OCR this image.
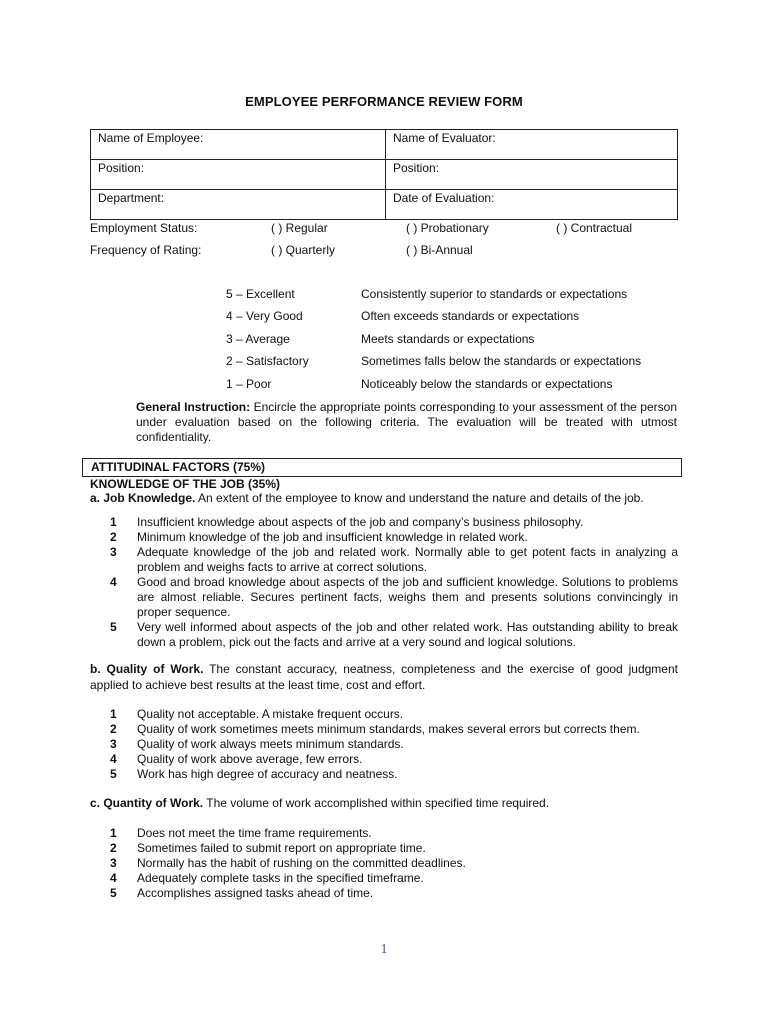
EMPLOYEE PERFORMANCE REVIEW FORM
Name of Employee:	Name of Evaluator:
Position:	Position:
Department:	Date of Evaluation:
Employment Status:	( ) Regular	( ) Probationary	( ) Contractual
Frequency of Rating:	( ) Quarterly	( ) Bi-Annual
5 – Excellent	Consistently superior to standards or expectations
4 – Very Good	Often exceeds standards or expectations
3 – Average	Meets standards or expectations
2 – Satisfactory	Sometimes falls below the standards or expectations
1 – Poor	Noticeably below the standards or expectations
General Instruction: Encircle the appropriate points corresponding to your assessment of the person under evaluation based on the following criteria. The evaluation will be treated with utmost confidentiality.
ATTITUDINAL FACTORS (75%)
KNOWLEDGE OF THE JOB (35%)
a. Job Knowledge. An extent of the employee to know and understand the nature and details of the job.
1 Insufficient knowledge about aspects of the job and company’s business philosophy.
2 Minimum knowledge of the job and insufficient knowledge in related work.
3 Adequate knowledge of the job and related work. Normally able to get potent facts in analyzing a problem and weighs facts to arrive at correct solutions.
4 Good and broad knowledge about aspects of the job and sufficient knowledge. Solutions to problems are almost reliable. Secures pertinent facts, weighs them and presents solutions convincingly in proper sequence.
5 Very well informed about aspects of the job and other related work. Has outstanding ability to break down a problem, pick out the facts and arrive at a very sound and logical solutions.
b. Quality of Work. The constant accuracy, neatness, completeness and the exercise of good judgment applied to achieve best results at the least time, cost and effort.
1 Quality not acceptable. A mistake frequent occurs.
2 Quality of work sometimes meets minimum standards, makes several errors but corrects them.
3 Quality of work always meets minimum standards.
4 Quality of work above average, few errors.
5 Work has high degree of accuracy and neatness.
c. Quantity of Work. The volume of work accomplished within specified time required.
1 Does not meet the time frame requirements.
2 Sometimes failed to submit report on appropriate time.
3 Normally has the habit of rushing on the committed deadlines.
4 Adequately complete tasks in the specified timeframe.
5 Accomplishes assigned tasks ahead of time.
1
